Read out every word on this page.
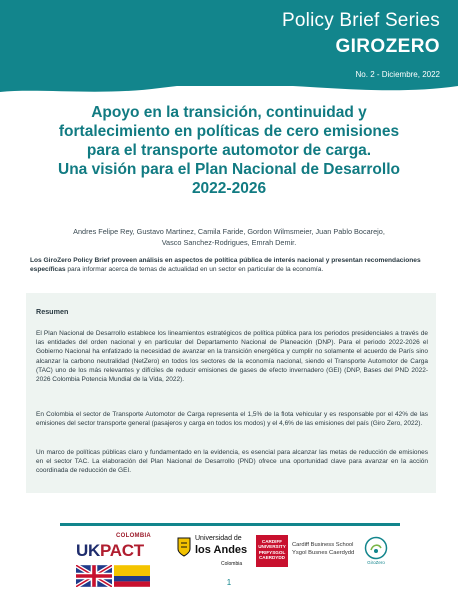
Policy Brief Series
GIROZERO
No. 2 - Diciembre, 2022
Apoyo en la transición, continuidad y
fortalecimiento en políticas de cero emisiones
para el transporte automotor de carga.
Una visión para el Plan Nacional de Desarrollo
2022-2026
Andres Felipe Rey, Gustavo Martinez, Camila Faride, Gordon Wilmsmeier, Juan Pablo Bocarejo,
Vasco Sanchez-Rodrigues, Emrah Demir.
Los GiroZero Policy Brief proveen análisis en aspectos de política pública de interés nacional y presentan recomendaciones específicas para informar acerca de temas de actualidad en un sector en particular de la economía.
Resumen
El Plan Nacional de Desarrollo establece los lineamientos estratégicos de política pública para los periodos presidenciales a través de las entidades del orden nacional y en particular del Departamento Nacional de Planeación (DNP). Para el periodo 2022-2026 el Gobierno Nacional ha enfatizado la necesidad de avanzar en la transición energética y cumplir no solamente el acuerdo de París sino alcanzar la carbono neutralidad (NetZero) en todos los sectores de la economía nacional, siendo el Transporte Automotor de Carga (TAC) uno de los más relevantes y difíciles de reducir emisiones de gases de efecto invernadero (GEI) (DNP, Bases del PND 2022-2026 Colombia Potencia Mundial de la Vida, 2022).
En Colombia el sector de Transporte Automotor de Carga representa el 1,5% de la flota vehicular y es responsable por el 42% de las emisiones del sector transporte general (pasajeros y carga en todos los modos) y el 4,6% de las emisiones del país (Giro Zero, 2022).
Un marco de políticas públicas claro y fundamentado en la evidencia, es esencial para alcanzar las metas de reducción de emisiones en el sector TAC. La elaboración del Plan Nacional de Desarrollo (PND) ofrece una oportunidad clave para avanzar en la acción coordinada de reducción de GEI.
COLOMBIA
UKPACT
Universidad de
los Andes
Colombia
CARDIFF UNIVERSITY PRIFYSGOL CAERDYDD
Cardiff Business School
Ysgol Busnes Caerdydd
GiroZero
1
